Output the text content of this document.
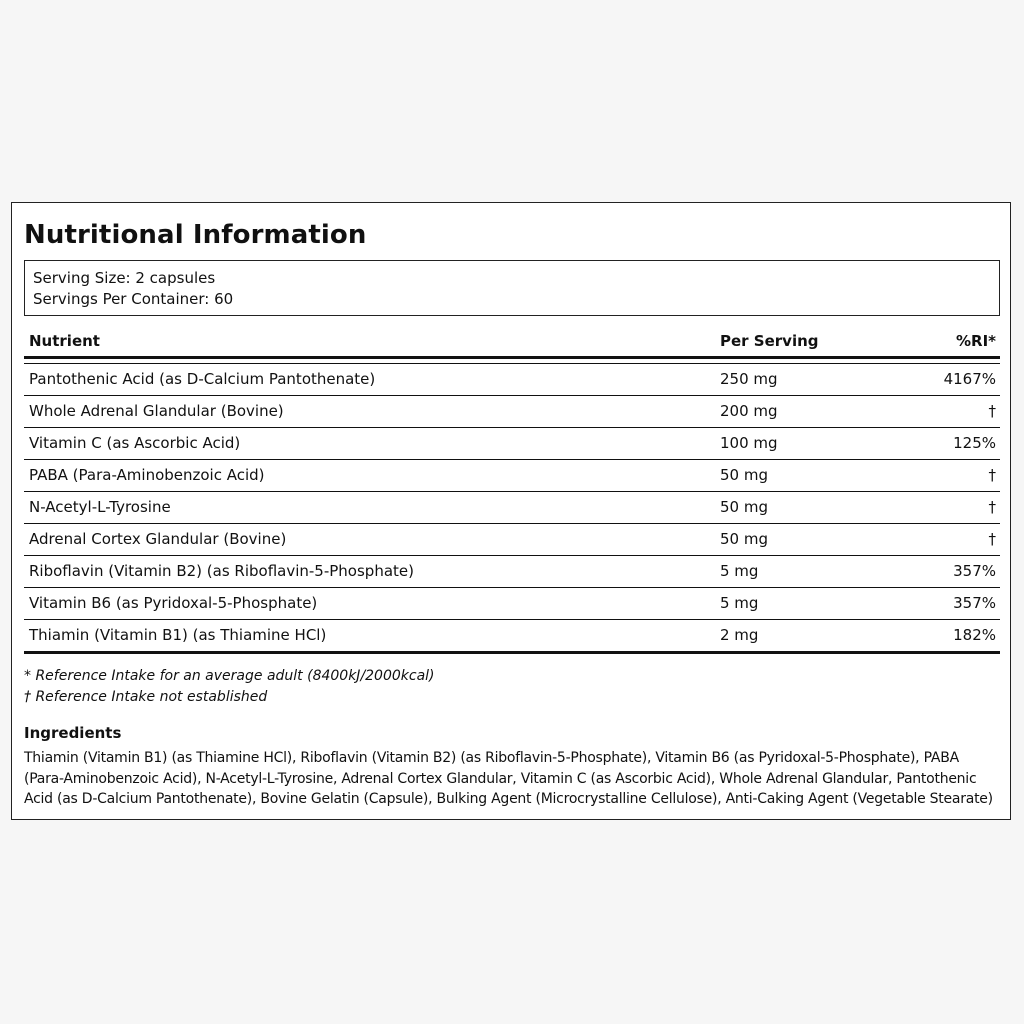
Nutritional Information
Serving Size: 2 capsules
Servings Per Container: 60
Nutrient	Per Serving	%RI*
Pantothenic Acid (as D-Calcium Pantothenate)	250 mg	4167%
Whole Adrenal Glandular (Bovine)	200 mg	†
Vitamin C (as Ascorbic Acid)	100 mg	125%
PABA (Para-Aminobenzoic Acid)	50 mg	†
N-Acetyl-L-Tyrosine	50 mg	†
Adrenal Cortex Glandular (Bovine)	50 mg	†
Riboflavin (Vitamin B2) (as Riboflavin-5-Phosphate)	5 mg	357%
Vitamin B6 (as Pyridoxal-5-Phosphate)	5 mg	357%
Thiamin (Vitamin B1) (as Thiamine HCl)	2 mg	182%
* Reference Intake for an average adult (8400kJ/2000kcal)
† Reference Intake not established
Ingredients
Thiamin (Vitamin B1) (as Thiamine HCl), Riboflavin (Vitamin B2) (as Riboflavin-5-Phosphate), Vitamin B6 (as Pyridoxal-5-Phosphate), PABA (Para-Aminobenzoic Acid), N-Acetyl-L-Tyrosine, Adrenal Cortex Glandular, Vitamin C (as Ascorbic Acid), Whole Adrenal Glandular, Pantothenic Acid (as D-Calcium Pantothenate), Bovine Gelatin (Capsule), Bulking Agent (Microcrystalline Cellulose), Anti-Caking Agent (Vegetable Stearate)
